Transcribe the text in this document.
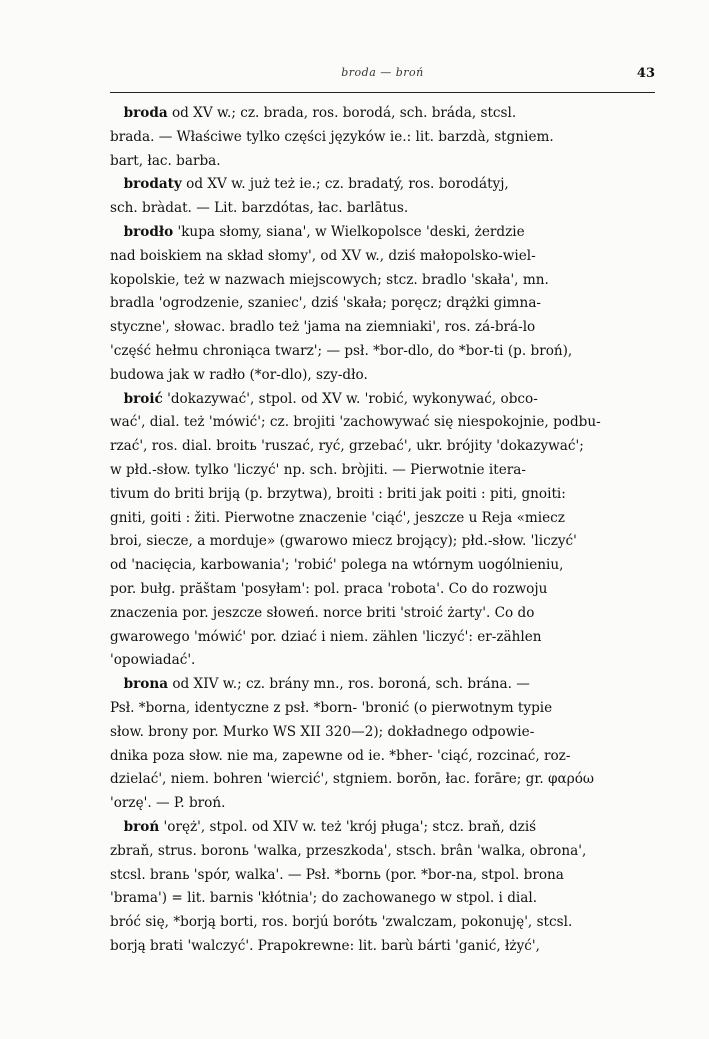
broda — broń	43
 broda od XV w.; cz. brada, ros. borodá, sch. bráda, stcsl.
brada. — Właściwe tylko części języków ie.: lit. barzdà, stgniem.
bart, łac. barba.
 brodaty od XV w. już też ie.; cz. bradatý, ros. borodátyj,
sch. bràdat. — Lit. barzdótas, łac. barlātus.
 brodło 'kupa słomy, siana', w Wielkopolsce 'deski, żerdzie
nad boiskiem na skład słomy', od XV w., dziś małopolsko-wiel-
kopolskie, też w nazwach miejscowych; stcz. bradlo 'skała', mn.
bradla 'ogrodzenie, szaniec', dziś 'skała; poręcz; drążki gimna-
styczne', słowac. bradlo też 'jama na ziemniaki', ros. zá-brá-lo
'część hełmu chroniąca twarz'; — psł. *bor-dlo, do *bor-ti (p. broń),
budowa jak w radło (*or-dlo), szy-dło.
 broić 'dokazywać', stpol. od XV w. 'robić, wykonywać, obco-
wać', dial. też 'mówić'; cz. brojiti 'zachowywać się niespokojnie, podbu-
rzać', ros. dial. broitь 'ruszać, ryć, grzebać', ukr. brójity 'dokazywać';
w płd.-słow. tylko 'liczyć' np. sch. bròjiti. — Pierwotnie itera-
tivum do briti briją (p. brzytwa), broiti : briti jak poiti : piti, gnoiti:
gniti, goiti : žiti. Pierwotne znaczenie 'ciąć', jeszcze u Reja «miecz
broi, siecze, a morduje» (gwarowo miecz brojący); płd.-słow. 'liczyć'
od 'nacięcia, karbowania'; 'robić' polega na wtórnym uogólnieniu,
por. bułg. prăštam 'posyłam': pol. praca 'robota'. Co do rozwoju
znaczenia por. jeszcze słoweń. norce briti 'stroić żarty'. Co do
gwarowego 'mówić' por. dziać i niem. zählen 'liczyć': er-zählen
'opowiadać'.
 brona od XIV w.; cz. brány mn., ros. boroná, sch. brána. —
Psł. *borna, identyczne z psł. *born- 'bronić (o pierwotnym typie
słow. brony por. Murko WS XII 320—2); dokładnego odpowie-
dnika poza słow. nie ma, zapewne od ie. *bher- 'ciąć, rozcinać, roz-
dzielać', niem. bohren 'wiercić', stgniem. borōn, łac. forāre; gr. φαρόω
'orzę'. — P. broń.
 broń 'oręż', stpol. od XIV w. też 'krój pługa'; stcz. braň, dziś
zbraň, strus. boronь 'walka, przeszkoda', stsch. brân 'walka, obrona',
stcsl. branь 'spór, walka'. — Psł. *bornь (por. *bor-na, stpol. brona
'brama') = lit. barnis 'kłótnia'; do zachowanego w stpol. i dial.
bróć się, *borją borti, ros. borjú borótь 'zwalczam, pokonuję', stcsl.
borją brati 'walczyć'. Prapokrewne: lit. barù bárti 'ganić, łżyć',
